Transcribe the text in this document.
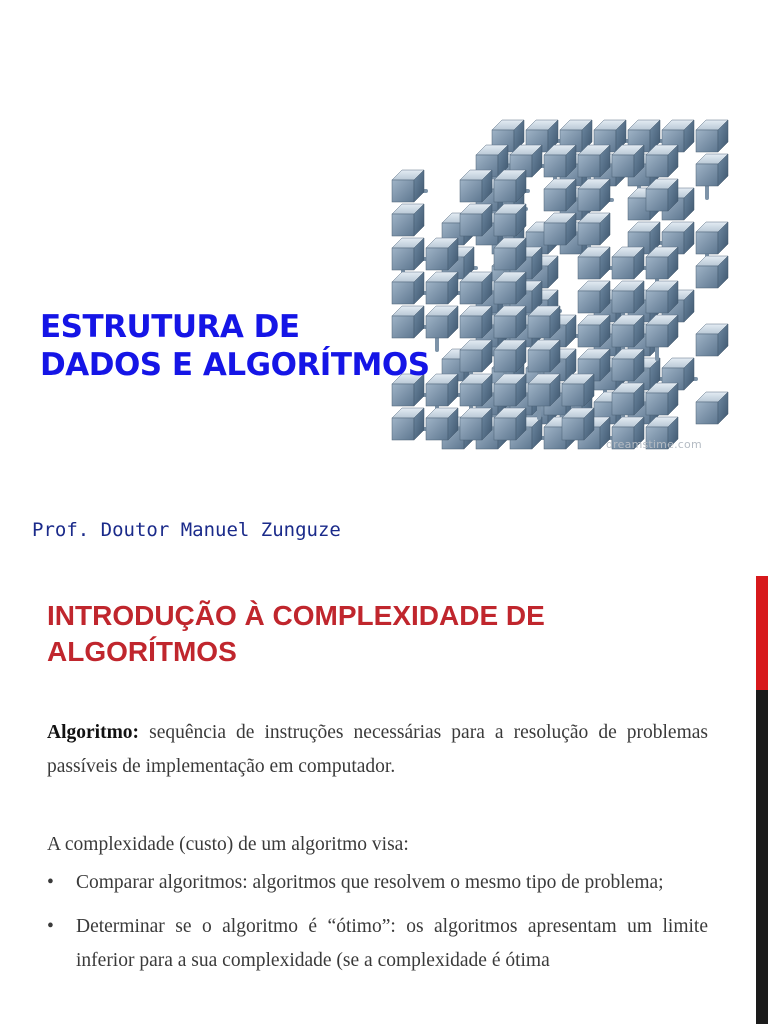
dreamstime.com
ESTRUTURA DE
DADOS E ALGORÍTMOS
Prof. Doutor Manuel Zunguze
INTRODUÇÃO À COMPLEXIDADE DE
ALGORÍTMOS

Algoritmo: sequência de instruções necessárias para a resolução de problemas passíveis de implementação em computador.

A complexidade (custo) de um algoritmo visa:

• Comparar algoritmos: algoritmos que resolvem o mesmo tipo de problema;
• Determinar se o algoritmo é “ótimo”: os algoritmos apresentam um limite inferior para a sua complexidade (se a complexidade é ótima
